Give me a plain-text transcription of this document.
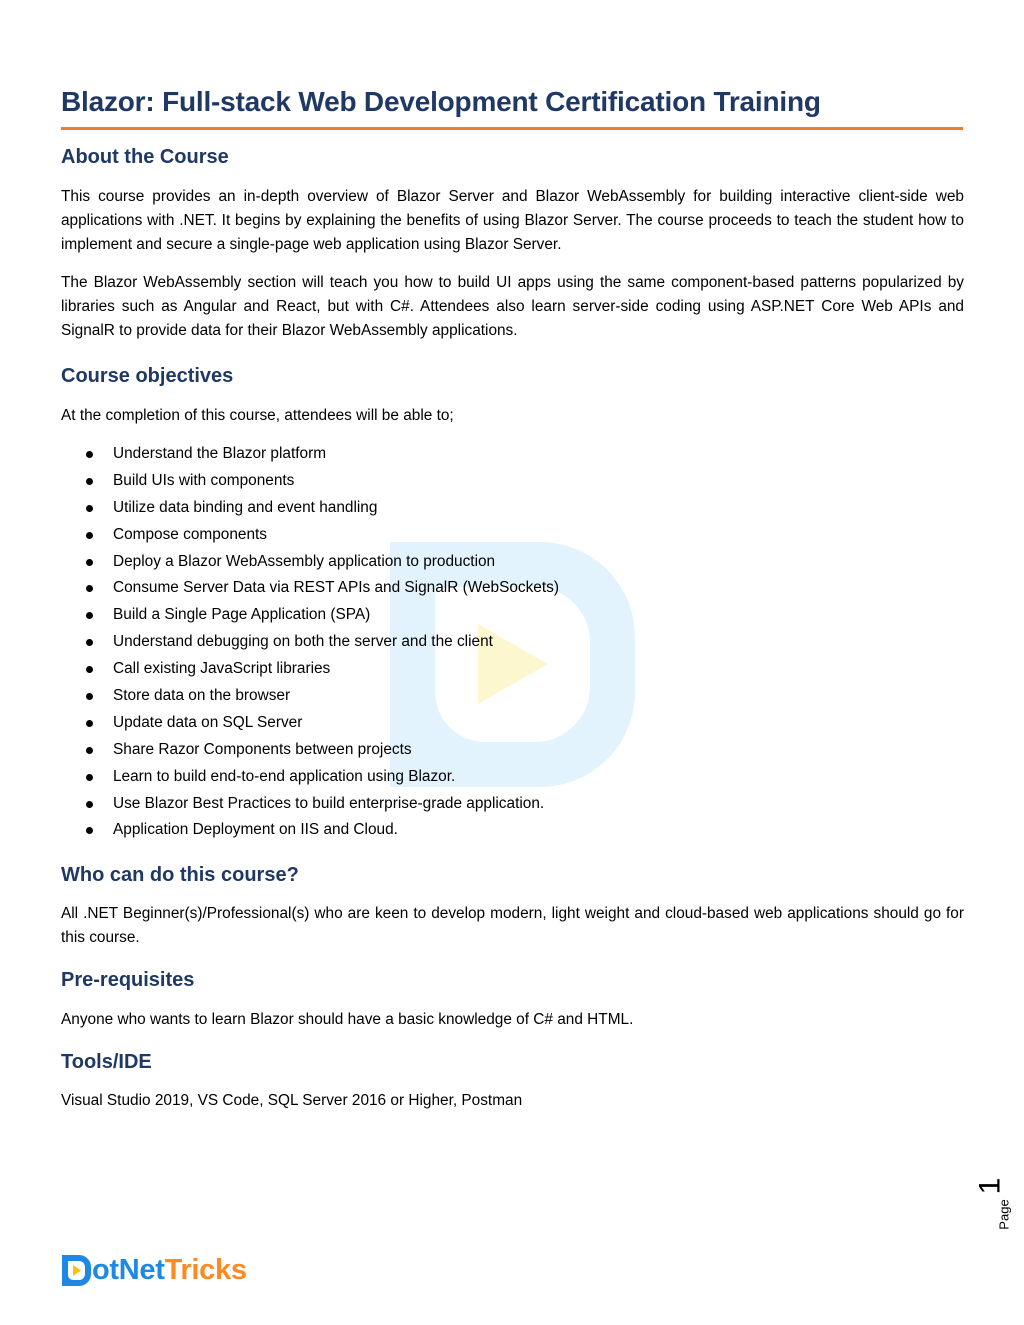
Blazor: Full-stack Web Development Certification Training
About the Course

This course provides an in-depth overview of Blazor Server and Blazor WebAssembly for building interactive client-side web applications with .NET. It begins by explaining the benefits of using Blazor Server. The course proceeds to teach the student how to implement and secure a single-page web application using Blazor Server.

The Blazor WebAssembly section will teach you how to build UI apps using the same component-based patterns popularized by libraries such as Angular and React, but with C#. Attendees also learn server-side coding using ASP.NET Core Web APIs and SignalR to provide data for their Blazor WebAssembly applications.

Course objectives

At the completion of this course, attendees will be able to;

Understand the Blazor platform
Build UIs with components
Utilize data binding and event handling
Compose components
Deploy a Blazor WebAssembly application to production
Consume Server Data via REST APIs and SignalR (WebSockets)
Build a Single Page Application (SPA)
Understand debugging on both the server and the client
Call existing JavaScript libraries
Store data on the browser
Update data on SQL Server
Share Razor Components between projects
Learn to build end-to-end application using Blazor.
Use Blazor Best Practices to build enterprise-grade application.
Application Deployment on IIS and Cloud.
Who can do this course?

All .NET Beginner(s)/Professional(s) who are keen to develop modern, light weight and cloud-based web applications should go for this course.

Pre-requisites

Anyone who wants to learn Blazor should have a basic knowledge of C# and HTML.

Tools/IDE

Visual Studio 2019, VS Code, SQL Server 2016 or Higher, Postman

Page
1
otNetTricks
